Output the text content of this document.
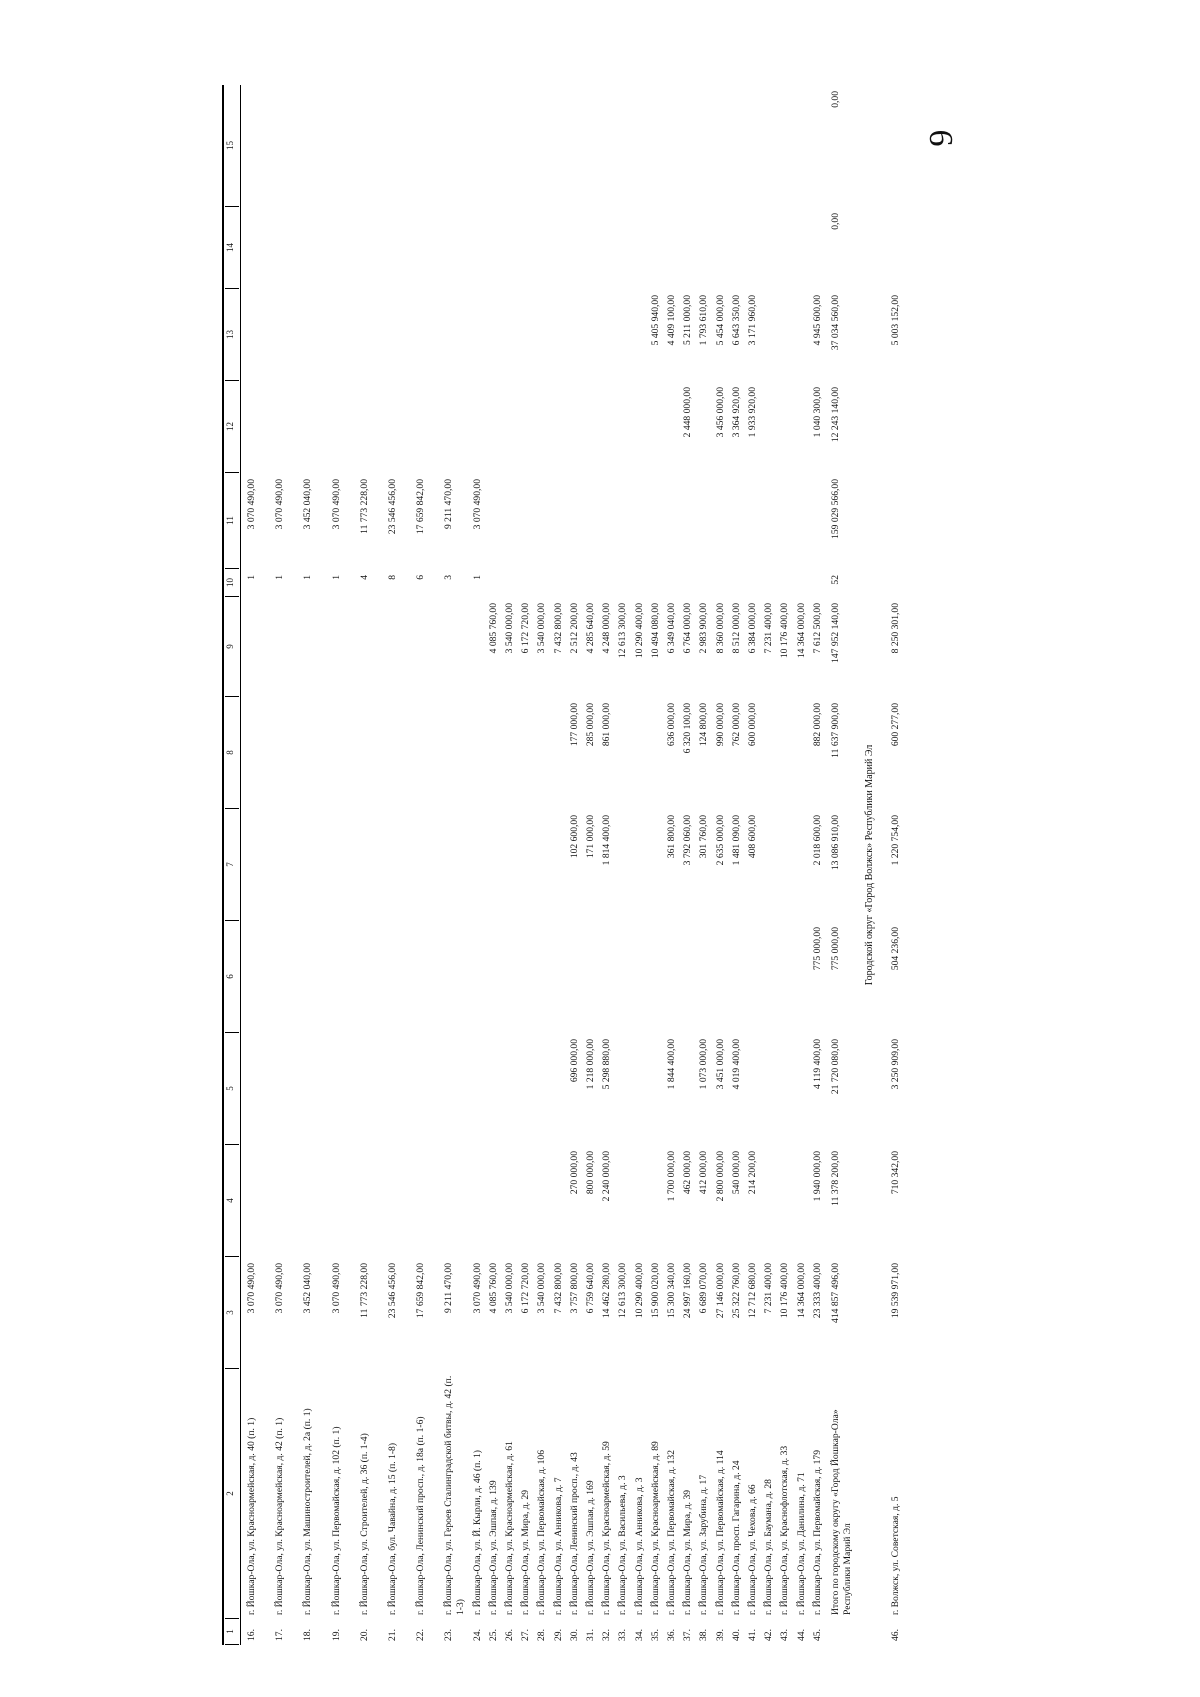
6
1
2
3
4
5
6
7
8
9
10
11
12
13
14
15
16.
г. Йошкар-Ола, ул. Красноармейская, д. 40 (п. 1)
3 070 490,00
1
3 070 490,00
17.
г. Йошкар-Ола, ул. Красноармейская, д. 42 (п. 1)
3 070 490,00
1
3 070 490,00
18.
г. Йошкар-Ола, ул. Машиностроителей, д. 2а (п. 1)
3 452 040,00
1
3 452 040,00
19.
г. Йошкар-Ола, ул. Первомайская, д. 102 (п. 1)
3 070 490,00
1
3 070 490,00
20.
г. Йошкар-Ола, ул. Строителей, д. 36 (п. 1-4)
11 773 228,00
4
11 773 228,00
21.
г. Йошкар-Ола, бул. Чавайна, д. 15 (п. 1-8)
23 546 456,00
8
23 546 456,00
22.
г. Йошкар-Ола, Ленинский просп., д. 18а (п. 1-6)
17 659 842,00
6
17 659 842,00
23.
г. Йошкар-Ола, ул. Героев Сталинградской битвы, д. 42 (п. 1-3)
9 211 470,00
3
9 211 470,00
24.
г. Йошкар-Ола, ул. Й. Кырли, д. 46 (п. 1)
3 070 490,00
1
3 070 490,00
25.
г. Йошкар-Ола, ул. Эшпая, д. 139
4 085 760,00
4 085 760,00
26.
г. Йошкар-Ола, ул. Красноармейская, д. 61
3 540 000,00
3 540 000,00
27.
г. Йошкар-Ола, ул. Мира, д. 29
6 172 720,00
6 172 720,00
28.
г. Йошкар-Ола, ул. Первомайская, д. 106
3 540 000,00
3 540 000,00
29.
г. Йошкар-Ола, ул. Анникова, д. 7
7 432 800,00
7 432 800,00
30.
г. Йошкар-Ола, Ленинский просп., д. 43
3 757 800,00
270 000,00
696 000,00
102 600,00
177 000,00
2 512 200,00
31.
г. Йошкар-Ола, ул. Эшпая, д. 169
6 759 640,00
800 000,00
1 218 000,00
171 000,00
285 000,00
4 285 640,00
32.
г. Йошкар-Ола, ул. Красноармейская, д. 59
14 462 280,00
2 240 000,00
5 298 880,00
1 814 400,00
861 000,00
4 248 000,00
33.
г. Йошкар-Ола, ул. Васильева, д. 3
12 613 300,00
12 613 300,00
34.
г. Йошкар-Ола, ул. Анникова, д. 3
10 290 400,00
10 290 400,00
35.
г. Йошкар-Ола, ул. Красноармейская, д. 89
15 900 020,00
10 494 080,00
5 405 940,00
36.
г. Йошкар-Ола, ул. Первомайская, д. 132
15 300 340,00
1 700 000,00
1 844 400,00
361 800,00
636 000,00
6 349 040,00
4 409 100,00
37.
г. Йошкар-Ола, ул. Мира, д. 39
24 997 160,00
462 000,00
3 792 060,00
6 320 100,00
6 764 000,00
2 448 000,00
5 211 000,00
38.
г. Йошкар-Ола, ул. Зарубина, д. 17
6 689 070,00
412 000,00
1 073 000,00
301 760,00
124 800,00
2 983 900,00
1 793 610,00
39.
г. Йошкар-Ола, ул. Первомайская, д. 114
27 146 000,00
2 800 000,00
3 451 000,00
2 635 000,00
990 000,00
8 360 000,00
3 456 000,00
5 454 000,00
40.
г. Йошкар-Ола, просп. Гагарина, д. 24
25 322 760,00
540 000,00
4 019 400,00
1 481 090,00
762 000,00
8 512 000,00
3 364 920,00
6 643 350,00
41.
г. Йошкар-Ола, ул. Чехова, д. 66
12 712 680,00
214 200,00
408 600,00
600 000,00
6 384 000,00
1 933 920,00
3 171 960,00
42.
г. Йошкар-Ола, ул. Баумана, д. 28
7 231 400,00
7 231 400,00
43.
г. Йошкар-Ола, ул. Краснофлотская, д. 33
10 176 400,00
10 176 400,00
44.
г. Йошкар-Ола, ул. Данилина, д. 71
14 364 000,00
14 364 000,00
45.
г. Йошкар-Ола, ул. Первомайская, д. 179
23 333 400,00
1 940 000,00
4 119 400,00
775 000,00
2 018 600,00
882 000,00
7 612 500,00
1 040 300,00
4 945 600,00
Итого по городскому округу «Город Йошкар-Ола» Республики Марий Эл
414 857 496,00
11 378 200,00
21 720 080,00
775 000,00
13 086 910,00
11 637 900,00
147 952 140,00
52
159 029 566,00
12 243 140,00
37 034 560,00
0,00
0,00
46.
г. Волжск, ул. Советская, д. 5
19 539 971,00
710 342,00
3 250 909,00
504 236,00
1 220 754,00
600 277,00
8 250 301,00
5 003 152,00
Городской округ «Город Волжск» Республики Марий Эл
